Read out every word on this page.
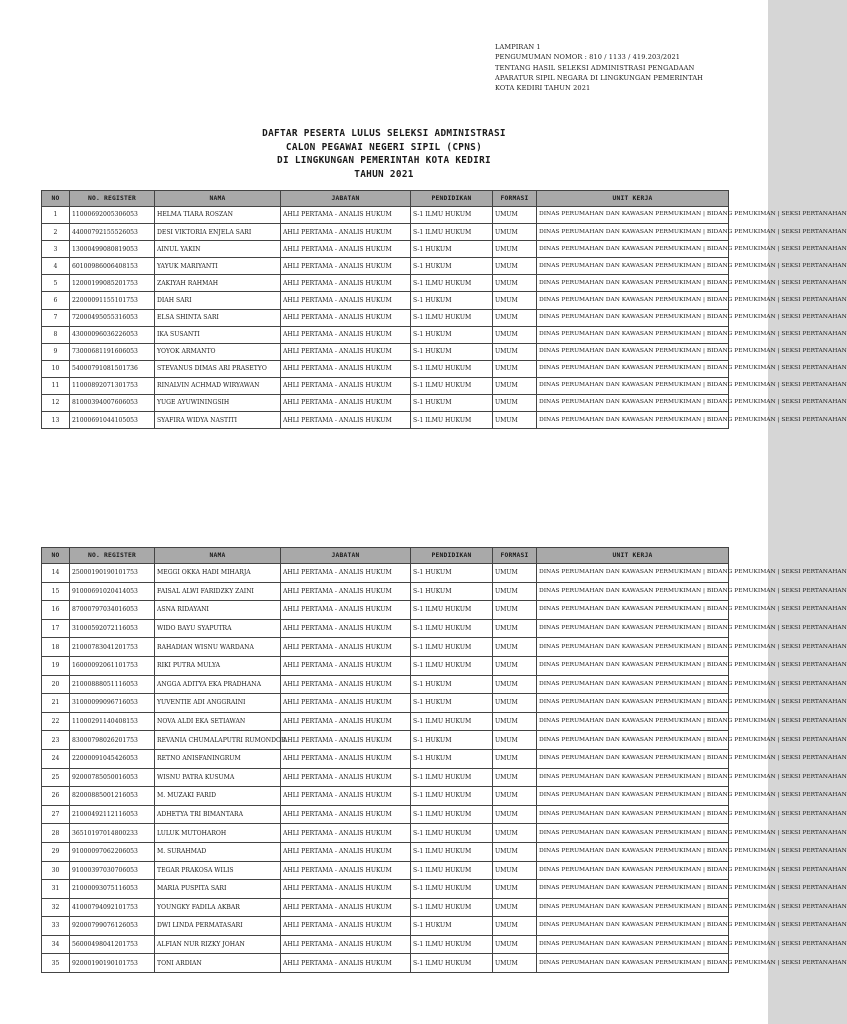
LAMPIRAN 1
PENGUMUMAN NOMOR : 810 / 1133 / 419.203/2021
TENTANG HASIL SELEKSI ADMINISTRASI PENGADAAN
APARATUR SIPIL NEGARA DI LINGKUNGAN PEMERINTAH
KOTA KEDIRI TAHUN 2021
DAFTAR PESERTA LULUS SELEKSI ADMINISTRASI
CALON PEGAWAI NEGERI SIPIL (CPNS)
DI LINGKUNGAN PEMERINTAH KOTA KEDIRI
TAHUN 2021
NO	NO. REGISTER	NAMA	JABATAN	PENDIDIKAN	FORMASI	UNIT KERJA
1	11000692005306053	HELMA TIARA ROSZAN	AHLI PERTAMA - ANALIS HUKUM	S-1 ILMU HUKUM	UMUM	DINAS PERUMAHAN DAN KAWASAN PERMUKIMAN | BIDANG PEMUKIMAN | SEKSI PERTANAHAN
2	44000792155526053	DESI VIKTORIA ENJELA SARI	AHLI PERTAMA - ANALIS HUKUM	S-1 ILMU HUKUM	UMUM	DINAS PERUMAHAN DAN KAWASAN PERMUKIMAN | BIDANG PEMUKIMAN | SEKSI PERTANAHAN
3	13000499080819053	AINUL YAKIN	AHLI PERTAMA - ANALIS HUKUM	S-1 HUKUM	UMUM	DINAS PERUMAHAN DAN KAWASAN PERMUKIMAN | BIDANG PEMUKIMAN | SEKSI PERTANAHAN
4	60100986006408153	YAYUK MARIYANTI	AHLI PERTAMA - ANALIS HUKUM	S-1 HUKUM	UMUM	DINAS PERUMAHAN DAN KAWASAN PERMUKIMAN | BIDANG PEMUKIMAN | SEKSI PERTANAHAN
5	12000199085201753	ZAKIYAH RAHMAH	AHLI PERTAMA - ANALIS HUKUM	S-1 ILMU HUKUM	UMUM	DINAS PERUMAHAN DAN KAWASAN PERMUKIMAN | BIDANG PEMUKIMAN | SEKSI PERTANAHAN
6	22000091155101753	DIAH SARI	AHLI PERTAMA - ANALIS HUKUM	S-1 HUKUM	UMUM	DINAS PERUMAHAN DAN KAWASAN PERMUKIMAN | BIDANG PEMUKIMAN | SEKSI PERTANAHAN
7	72000495055316053	ELSA SHINTA SARI	AHLI PERTAMA - ANALIS HUKUM	S-1 ILMU HUKUM	UMUM	DINAS PERUMAHAN DAN KAWASAN PERMUKIMAN | BIDANG PEMUKIMAN | SEKSI PERTANAHAN
8	43000096036226053	IKA SUSANTI	AHLI PERTAMA - ANALIS HUKUM	S-1 HUKUM	UMUM	DINAS PERUMAHAN DAN KAWASAN PERMUKIMAN | BIDANG PEMUKIMAN | SEKSI PERTANAHAN
9	73000681191606053	YOYOK ARMANTO	AHLI PERTAMA - ANALIS HUKUM	S-1 HUKUM	UMUM	DINAS PERUMAHAN DAN KAWASAN PERMUKIMAN | BIDANG PEMUKIMAN | SEKSI PERTANAHAN
10	54000791081501736	STEVANUS DIMAS ARI PRASETYO	AHLI PERTAMA - ANALIS HUKUM	S-1 ILMU HUKUM	UMUM	DINAS PERUMAHAN DAN KAWASAN PERMUKIMAN | BIDANG PEMUKIMAN | SEKSI PERTANAHAN
11	11000892071301753	RINALVIN ACHMAD WIRYAWAN	AHLI PERTAMA - ANALIS HUKUM	S-1 ILMU HUKUM	UMUM	DINAS PERUMAHAN DAN KAWASAN PERMUKIMAN | BIDANG PEMUKIMAN | SEKSI PERTANAHAN
12	81000394007606053	YUGE AYUWININGSIH	AHLI PERTAMA - ANALIS HUKUM	S-1 HUKUM	UMUM	DINAS PERUMAHAN DAN KAWASAN PERMUKIMAN | BIDANG PEMUKIMAN | SEKSI PERTANAHAN
13	21000691044105053	SYAFIRA WIDYA NASTITI	AHLI PERTAMA - ANALIS HUKUM	S-1 ILMU HUKUM	UMUM	DINAS PERUMAHAN DAN KAWASAN PERMUKIMAN | BIDANG PEMUKIMAN | SEKSI PERTANAHAN
NO	NO. REGISTER	NAMA	JABATAN	PENDIDIKAN	FORMASI	UNIT KERJA
14	25000190190101753	MEGGI OKKA HADI MIHARJA	AHLI PERTAMA - ANALIS HUKUM	S-1 HUKUM	UMUM	DINAS PERUMAHAN DAN KAWASAN PERMUKIMAN | BIDANG PEMUKIMAN | SEKSI PERTANAHAN
15	91000691020414053	FAISAL ALWI FARIDZKY ZAINI	AHLI PERTAMA - ANALIS HUKUM	S-1 HUKUM	UMUM	DINAS PERUMAHAN DAN KAWASAN PERMUKIMAN | BIDANG PEMUKIMAN | SEKSI PERTANAHAN
16	87000797034016053	ASNA RIDAYANI	AHLI PERTAMA - ANALIS HUKUM	S-1 ILMU HUKUM	UMUM	DINAS PERUMAHAN DAN KAWASAN PERMUKIMAN | BIDANG PEMUKIMAN | SEKSI PERTANAHAN
17	31000592072116053	WIDO BAYU SYAPUTRA	AHLI PERTAMA - ANALIS HUKUM	S-1 ILMU HUKUM	UMUM	DINAS PERUMAHAN DAN KAWASAN PERMUKIMAN | BIDANG PEMUKIMAN | SEKSI PERTANAHAN
18	21000783041201753	RAHADIAN WISNU WARDANA	AHLI PERTAMA - ANALIS HUKUM	S-1 ILMU HUKUM	UMUM	DINAS PERUMAHAN DAN KAWASAN PERMUKIMAN | BIDANG PEMUKIMAN | SEKSI PERTANAHAN
19	16000092061101753	RIKI PUTRA MULYA	AHLI PERTAMA - ANALIS HUKUM	S-1 ILMU HUKUM	UMUM	DINAS PERUMAHAN DAN KAWASAN PERMUKIMAN | BIDANG PEMUKIMAN | SEKSI PERTANAHAN
20	21000888051116053	ANGGA ADITYA EKA PRADHANA	AHLI PERTAMA - ANALIS HUKUM	S-1 HUKUM	UMUM	DINAS PERUMAHAN DAN KAWASAN PERMUKIMAN | BIDANG PEMUKIMAN | SEKSI PERTANAHAN
21	31000099096716053	YUVENTIE ADI ANGGRAINI	AHLI PERTAMA - ANALIS HUKUM	S-1 HUKUM	UMUM	DINAS PERUMAHAN DAN KAWASAN PERMUKIMAN | BIDANG PEMUKIMAN | SEKSI PERTANAHAN
22	11000291140408153	NOVA ALDI EKA SETIAWAN	AHLI PERTAMA - ANALIS HUKUM	S-1 ILMU HUKUM	UMUM	DINAS PERUMAHAN DAN KAWASAN PERMUKIMAN | BIDANG PEMUKIMAN | SEKSI PERTANAHAN
23	83000798026201753	REVANIA CHUMALAPUTRI RUMONDOR	AHLI PERTAMA - ANALIS HUKUM	S-1 HUKUM	UMUM	DINAS PERUMAHAN DAN KAWASAN PERMUKIMAN | BIDANG PEMUKIMAN | SEKSI PERTANAHAN
24	22000091045426053	RETNO ANISFANINGRUM	AHLI PERTAMA - ANALIS HUKUM	S-1 HUKUM	UMUM	DINAS PERUMAHAN DAN KAWASAN PERMUKIMAN | BIDANG PEMUKIMAN | SEKSI PERTANAHAN
25	92000785050016053	WISNU PATRA KUSUMA	AHLI PERTAMA - ANALIS HUKUM	S-1 ILMU HUKUM	UMUM	DINAS PERUMAHAN DAN KAWASAN PERMUKIMAN | BIDANG PEMUKIMAN | SEKSI PERTANAHAN
26	82000885001216053	M. MUZAKI FARID	AHLI PERTAMA - ANALIS HUKUM	S-1 ILMU HUKUM	UMUM	DINAS PERUMAHAN DAN KAWASAN PERMUKIMAN | BIDANG PEMUKIMAN | SEKSI PERTANAHAN
27	21000492112116053	ADHETYA TRI BIMANTARA	AHLI PERTAMA - ANALIS HUKUM	S-1 ILMU HUKUM	UMUM	DINAS PERUMAHAN DAN KAWASAN PERMUKIMAN | BIDANG PEMUKIMAN | SEKSI PERTANAHAN
28	36510197014800233	LULUK MUTOHAROH	AHLI PERTAMA - ANALIS HUKUM	S-1 ILMU HUKUM	UMUM	DINAS PERUMAHAN DAN KAWASAN PERMUKIMAN | BIDANG PEMUKIMAN | SEKSI PERTANAHAN
29	91000097062206053	M. SURAHMAD	AHLI PERTAMA - ANALIS HUKUM	S-1 ILMU HUKUM	UMUM	DINAS PERUMAHAN DAN KAWASAN PERMUKIMAN | BIDANG PEMUKIMAN | SEKSI PERTANAHAN
30	91000397030706053	TEGAR PRAKOSA WILIS	AHLI PERTAMA - ANALIS HUKUM	S-1 ILMU HUKUM	UMUM	DINAS PERUMAHAN DAN KAWASAN PERMUKIMAN | BIDANG PEMUKIMAN | SEKSI PERTANAHAN
31	21000093075116053	MARIA PUSPITA SARI	AHLI PERTAMA - ANALIS HUKUM	S-1 ILMU HUKUM	UMUM	DINAS PERUMAHAN DAN KAWASAN PERMUKIMAN | BIDANG PEMUKIMAN | SEKSI PERTANAHAN
32	41000794092101753	YOUNGKY FADILA AKBAR	AHLI PERTAMA - ANALIS HUKUM	S-1 ILMU HUKUM	UMUM	DINAS PERUMAHAN DAN KAWASAN PERMUKIMAN | BIDANG PEMUKIMAN | SEKSI PERTANAHAN
33	92000799076126053	DWI LINDA PERMATASARI	AHLI PERTAMA - ANALIS HUKUM	S-1 HUKUM	UMUM	DINAS PERUMAHAN DAN KAWASAN PERMUKIMAN | BIDANG PEMUKIMAN | SEKSI PERTANAHAN
34	56000498041201753	ALFIAN NUR RIZKY JOHAN	AHLI PERTAMA - ANALIS HUKUM	S-1 ILMU HUKUM	UMUM	DINAS PERUMAHAN DAN KAWASAN PERMUKIMAN | BIDANG PEMUKIMAN | SEKSI PERTANAHAN
35	92000190190101753	TONI ARDIAN	AHLI PERTAMA - ANALIS HUKUM	S-1 ILMU HUKUM	UMUM	DINAS PERUMAHAN DAN KAWASAN PERMUKIMAN | BIDANG PEMUKIMAN | SEKSI PERTANAHAN
